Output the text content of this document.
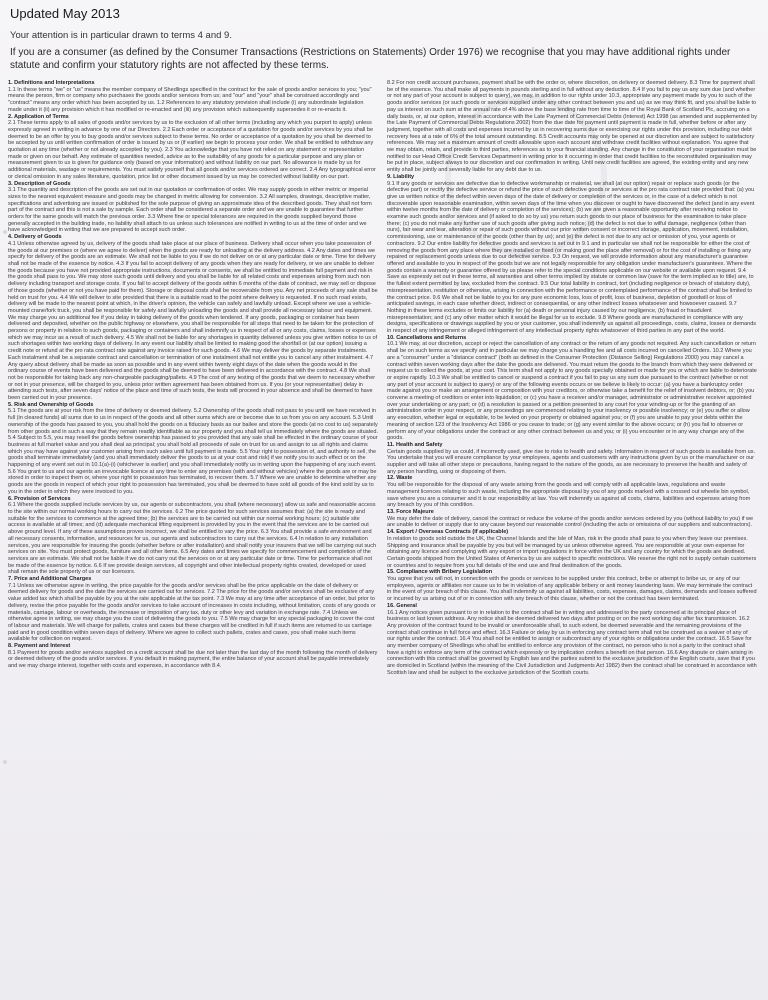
Updated May 2013
Your attention is in particular drawn to terms 4 and 9.
If you are a consumer (as defined by the Consumer Transactions (Restrictions on Statements) Order 1976) we recognise that you may have additional rights under statute and confirm your statutory rights are not affected by these terms.
1. Definitions and Interpretations
1.1 In these terms "we" or "us" means the member company of Shedlings specified in the contract for the sale of goods and/or services to you; "you" means the person, firm or company who purchases the goods and/or services from us; and "our" and "your" shall be construed accordingly and "contract" means any order which has been accepted by us. 1.2 References to any statutory provision shall include (i) any subordinate legislation made under it (ii) any provision which it has modified or re-enacted and (iii) any provision which subsequently supersedes it or re-enacts it.
2. Application of Terms
2.1 These terms apply to all sales of goods and/or services by us to the exclusion of all other terms (including any which you purport to apply) unless expressly agreed in writing in advance by one of our Directors. 2.2 Each order or acceptance of a quotation for goods and/or services by you shall be deemed to be an offer by you to buy goods and/or services subject to these terms. No order or acceptance of a quotation by you shall be deemed to be accepted by us until written confirmation of order is issued by us or (if earlier) we begin to process your order. We shall be entitled to withdraw any quotation at any time (whether or not already accepted by you). 2.3 You acknowledge that you have not relied on any statement or representation made or given on our behalf. Any estimate of quantities needed, advice as to the suitability of any goods for a particular purpose and any plan or measurement given to us is given for guidance only (based on your information) and without liability on our part. No allowance is made by us for additional materials, wastage or requirements. You must satisfy yourself that all goods and/or services ordered are correct. 2.4 Any typographical error or clerical omission in any sales literature, quotation, price list or other document issued by us may be corrected without liability on our part.
3. Description of Goods
3.1 The quantity and description of the goods are set out in our quotation or confirmation of order. We may supply goods in either metric or imperial sizes to the nearest equivalent measure and goods may be changed in metric allowing for conversion. 3.2 All samples, drawings, descriptive matter, specifications and advertising are issued or published for the sole purpose of giving an approximate idea of the described goods. They shall not form part of the contract and this is not a sale by sample. Each order shall be considered a separate order and we are unable to guarantee that further orders for the same goods will match the previous order. 3.3 Where fine or special tolerances are required in the goods supplied beyond those generally accepted in the building trade, no liability shall attach to us unless such tolerances are notified in writing to us at the time of order and we have acknowledged in writing that we are prepared to accept such order.
4. Delivery of Goods
4.1 Unless otherwise agreed by us, delivery of the goods shall take place at our place of business. Delivery shall occur when you take possession of the goods at our premises or (where we agree to deliver) when the goods are ready for unloading at the delivery address. 4.2 Any dates and times we specify for delivery of the goods are an estimate. We shall not be liable to you if we do not deliver on or at any particular date or time. Time for delivery shall not be made of the essence by notice. 4.3 If you fail to accept delivery of any goods when they are ready for delivery, or we are unable to deliver the goods because you have not provided appropriate instructions, documents or consents, we shall be entitled to immediate full payment and risk in the goods shall pass to you. We may store such goods until delivery and you shall be liable for all related costs and expenses arising from such non delivery including transport and storage costs. If you fail to accept delivery of the goods within 6 months of the date of contract, we may sell or dispose of those goods (whether or not you have paid for them). Storage or disposal costs shall be recoverable from you. Any net proceeds of any sale shall be held on trust for you. 4.4 We will deliver to site provided that there is a suitable road to the point where delivery is requested. If no such road exists, delivery will be made to the nearest point at which, in the driver's opinion, the vehicle can safely and lawfully unload. Except where we use a vehicle-mounted crane/fork truck, you shall be responsible for safely and lawfully unloading the goods and shall provide all necessary labour and equipment. We may charge you an additional fee if you delay in taking delivery of the goods when tendered. If any goods, packaging or container has been delivered and deposited, whether on the public highway or elsewhere, you shall be responsible for all steps that need to be taken for the protection of persons or property in relation to such goods, packaging or containers and shall indemnify us in respect of all or any costs, claims, losses or expenses which we may incur as a result of such delivery. 4.5 We shall not be liable for any shortages in quantity delivered unless you give written notice to us of such shortages within two working days of delivery. In any event our liability shall be limited to making good the shortfall or (at our option) issuing a credit note or refund at the pro rata contract rate against any invoice raised for such goods. 4.6 We may deliver the goods by separate instalments. Each instalment shall be a separate contract and cancellation or termination of one instalment shall not entitle you to cancel any other instalment. 4.7 Any query about delivery shall be made as soon as possible and in any event within twenty eight days of the date when the goods would in the ordinary course of events have been delivered and the goods shall be deemed to have been delivered in accordance with the contract. 4.8 We shall not be responsible for taking back any non-chargeable packaging/pallets. 4.9 The cost of any testing of the goods that we deem to necessary whether or not in your presence, will be charged to you, unless prior written agreement has been obtained from us. If you (or your representative) delay in attending such tests, after seven days' notice of the place and time of such tests, the tests will proceed in your absence and shall be deemed to have been carried out in your presence.
5. Risk and Ownership of Goods
5.1 The goods are at your risk from the time of delivery or deemed delivery. 5.2 Ownership of the goods shall not pass to you until we have received in full (in cleared funds) all sums due to us in respect of the goods and all other sums which are or become due to us from you on any account. 5.3 Until ownership of the goods has passed to you, you shall hold the goods on a fiduciary basis as our bailee and store the goods (at no cost to us) separately from other goods and in such a way that they remain readily identifiable as our property and you shall tell us immediately where the goods are situated. 5.4 Subject to 5.5, you may resell the goods before ownership has passed to you provided that any sale shall be effected in the ordinary course of your business at full market value and you shall deal as principal; you shall hold all proceeds of sale on trust for us and assign to us all rights and claims which you may have against your customer arising from such sales until full payment is made. 5.5 Your right to possession of, and authority to sell, the goods shall terminate immediately (and you shall immediately deliver the goods to us at your cost and risk) if we notify you to such effect or on the happening of any event set out in 10.1(a)-(i) (whichever is earlier) and you shall immediately notify us in writing upon the happening of any such event. 5.6 You grant to us and our agents an irrevocable licence at any time to enter any premises (with and without vehicles) where the goods are or may be stored in order to inspect them or, where your right to possession has terminated, to recover them. 5.7 Where we are unable to determine whether any goods are the goods in respect of which your right to possession has terminated, you shall be deemed to have sold all goods of the kind sold by us to you in the order in which they were invoiced to you.
6. Provision of Services
6.1 Where the goods supplied include services by us, our agents or subcontractors, you shall (where necessary) allow us safe and reasonable access to the site within our normal working hours to carry out the services. 6.2 The price quoted for such services assumes that: (a) the site is ready and suitable for the services to commence at the agreed time; (b) the services are to be carried out within our normal working hours; (c) suitable site access is available at all times; and (d) adequate mechanical lifting equipment is provided by you in the event that the services are to be carried out above ground level. If any of these assumptions proves incorrect, we shall be entitled to vary the price. 6.3 You shall provide a safe environment and all necessary consents, information, and resources for us, our agents and subcontractors to carry out the services. 6.4 In relation to any installation services, you are responsible for insuring the goods (whether before or after installation) and shall notify your insurers that we will be carrying out such services on site. You must protect goods, furniture and all other items. 6.5 Any dates and times we specify for commencement and completion of the services are an estimate. We shall not be liable if we do not carry out the services on or at any particular date or time. Time for performance shall not be made of the essence by notice. 6.6 If we provide design services, all copyright and other intellectual property rights created, developed or used shall remain the sole property of us or our licensors.
7. Price and Additional Charges
7.1 Unless we otherwise agree in writing, the price payable for the goods and/or services shall be the price applicable on the date of delivery or deemed delivery for goods and the date the services are carried out for services. 7.2 The price for the goods and/or services shall be exclusive of any value added tax which shall be payable by you at the rate applicable at the tax point. 7.3 We may at any time after acceptance of an order, but prior to delivery, revise the price payable for the goods and/or services to take account of increases in costs including, without limitation, costs of any goods or materials, carriage, labour or overheads, the increase or imposition of any tax, duty or other levy and variation in exchange rate. 7.4 Unless we otherwise agree in writing, we may charge you the cost of delivering the goods to you. 7.5 We may charge for any special packaging to cover the cost of labour and materials. We will charge for pallets, crates and cases but these charges will be credited in full if such items are returned to us carriage paid and in good condition within seven days of delivery. Where we agree to collect such pallets, crates and cases, you shall make such items available for collection on request.
8. Payment and Interest
8.1 Payment for goods and/or services supplied on a credit account shall be due not later than the last day of the month following the month of delivery or deemed delivery of the goods and/or services. If you default in making payment, the entire balance of your account shall be payable immediately and we may charge interest, together with costs and expenses, in accordance with 8.4.
8.2 For non credit account purchases, payment shall be with the order or, where discretion, on delivery or deemed delivery. 8.3 Time for payment shall be of the essence. You shall make all payments in pounds sterling and in full without any deduction. 8.4 If you fail to pay us any sum due (and whether or not any part of your account is subject to query), we may, in addition to our rights under 10.3, appropriate any payment made by you to such of the goods and/or services (or such goods or services supplied under any other contract between you and us) as we may think fit, and you shall be liable to pay us interest on such sum at the annual rate of 4% above the base lending rate from time to time of the Royal Bank of Scotland Plc, accruing on a daily basis, or, at our option, interest in accordance with the Late Payment of Commercial Debts (Interest) Act 1998 (as amended and supplemented by the Late Payment of Commercial Debts Regulations 2002) from the due date for payment until payment is made in full, whether before or after any judgment, together with all costs and expenses incurred by us in recovering sums due or exercising our rights under this provision, including our debt recovery fees at a rate of 6% of the total amount outstanding. 8.5 Credit accounts may only be opened at our discretion and are subject to satisfactory references. We may set a maximum amount of credit allowable upon each account and withdraw credit facilities without explanation. You agree that we may obtain, retain, and provide to third parties, references as to your financial standing. Any change in the constitution of your organisation must be notified to our Head Office Credit Services Department in writing prior to it occurring in order that credit facilities to the reconstituted organisation may be put in place, subject always to our discretion and our confirmation in writing. Until new credit facilities are agreed, the existing entity and any new entity shall be jointly and severally liable for any debt due to us.
9. Liability
9.1 If any goods or services are defective due to defective workmanship or material, we shall (at our option) repair or replace such goods (or the defective part) or rectify the defective service or refund the price of such defective goods or services at the pro rata contract rate provided that: (a) you give us written notice of the defect within seven days of the date of delivery or completion of the services or, in the case of a defect which is not discoverable upon reasonable examination, within seven days of the time when you discover or ought to have discovered the defect (and in any event within twelve months from the date of delivery or completion of the services); (b) we are given a reasonable opportunity after receiving notice to examine such goods and/or services and (if asked to do so by us) you return such goods to our place of business for the examination to take place there; (c) you do not make any further use of such goods after giving such notice; (d) the defect is not due to wilful damage, negligence (other than ours), fair wear and tear, alteration or repair of such goods without our prior written consent or incorrect storage, application, movement, installation, commissioning, use or maintenance of the goods (other than by us); and (e) the defect is not due to any act or omission of you, your agents or contractors. 9.2 Our entire liability for defective goods and services is set out in 9.1 and in particular we shall not be responsible for either the cost of removing the goods from any place where they are installed or fixed (or making good the place after removal) or for the cost of installing or fixing any repaired or replacement goods unless due to our defective service. 9.3 On request, we will provide information about any manufacturer's guarantee offered and available to you in respect of the goods but we are not legally responsible for any obligation under manufacturer's guarantees. Where the goods contain a warranty or guarantee offered by us please refer to the special conditions applicable on our website or available upon request. 9.4 Save as expressly set out in these terms, all warranties and other terms implied by statute or common law (save for the term implied as to title) are, to the fullest extent permitted by law, excluded from the contract. 9.5 Our total liability in contract, tort (including negligence or breach of statutory duty), misrepresentation, restitution or otherwise, arising in connection with the performance or contemplated performance of the contract shall be limited to the contract price. 9.6 We shall not be liable to you for any pure economic loss, loss of profit, loss of business, depletion of goodwill or loss of anticipated savings, in each case whether direct, indirect or consequential, or any other indirect losses whatsoever and howsoever caused. 9.7 Nothing in these terms excludes or limits our liability for (a) death or personal injury caused by our negligence, (b) fraud or fraudulent misrepresentation; and (c) any other matter which it would be illegal for us to exclude. 9.8 Where goods are manufactured in compliance with any designs, specifications or drawings supplied by you or your customer, you shall indemnify us against all proceedings, costs, claims, losses or demands in respect of any infringement or alleged infringement of any intellectual property rights whatsoever of third parties in any part of the world.
10. Cancellations and Returns
10.1 We may, at our discretion, accept or reject the cancellation of any contract or the return of any goods not required. Any such cancellation or return shall be on such terms as we specify and in particular we may charge you a handling fee and all costs incurred on cancelled Orders. 10.2 Where you are a "consumer" under a "distance contract" (both as defined in the Consumer Protection (Distance Selling) Regulations 2000) you may cancel a contract within seven working days after the date the goods are delivered. You must return the goods to the branch from which they were delivered or request us to collect the goods, at your cost. This term shall not apply to any goods specially obtained or made for you or which are liable to deteriorate or expire rapidly. 10.3 We shall be entitled to cancel or suspend a contract if you fail to pay us any sum due pursuant to the contract (whether or not any part of your account is subject to query) or any of the following events occurs or we believe is likely to occur: (a) you have a bankruptcy order made against you or make an arrangement or composition with your creditors, or otherwise take a benefit for the relief of insolvent debtors, or; (b) you convene a meeting of creditors or enter into liquidation; or (c) you have a receiver and/or manager, administrator or administrative receiver appointed over your undertaking or any part; or (d) a resolution is passed or a petition presented to any court for your winding-up or for the granting of an administration order in your respect, or any proceedings are commenced relating to your insolvency or possible insolvency; or (e) you suffer or allow any execution, whether legal or equitable, to be levied on your property or obtained against you; or (f) you are unable to pay your debts within the meaning of section 123 of the Insolvency Act 1986 or you cease to trade; or (g) any event similar to the above occurs; or (h) you fail to observe or perform any of your obligations under the contract or any other contract between us and you; or (i) you encounter or in any way change any of the goods.
11. Health and Safety
Certain goods supplied by us could, if incorrectly used, give rise to risks to health and safety. Information in respect of such goods is available from us. You undertake that you will ensure compliance by your employees, agents and customers with any instructions given by us or the manufacturer or our supplier and will take all other steps or precautions, having regard to the nature of the goods, as are necessary to preserve the health and safety of any person handling, using or disposing of them.
12. Waste
You will be responsible for the disposal of any waste arising from the goods and will comply with all applicable laws, regulations and waste management licences relating to such waste, including the appropriate disposal by you of any goods marked with a crossed out wheelie bin symbol, save where you are a consumer and it is our responsibility at law. You will indemnify us against all costs, claims, liabilities and expenses arising from any breach by you of this condition.
13. Force Majeure
We may defer the date of delivery, cancel the contract or reduce the volume of the goods and/or services ordered by you (without liability to you) if we are unable to deliver or supply due to any cause beyond our reasonable control (including the acts or omissions of our suppliers and subcontractors).
14. Export / Overseas Contracts (if applicable)
In relation to goods sold outside the UK, the Channel Islands and the Isle of Man, risk in the goods shall pass to you when they leave our premises. Shipping and insurance shall be payable by you but will be managed by us unless otherwise agreed. You are responsible at your own expense for obtaining any licence and complying with any export or import regulations in force within the UK and any country for which the goods are destined. Certain goods shipped from the United States of America by us are subject to specific restrictions. We reserve the right not to supply certain customers or countries and to require from you full details of the end use and final destination of the goods.
15. Compliance with Bribery Legislation
You agree that you will not, in connection with the goods or services to be supplied under this contract, bribe or attempt to bribe us, or any of our employees, agents or affiliates nor cause us to be in violation of any applicable bribery or anti money laundering laws. We may terminate the contract in the event of your breach of this clause. You shall indemnify us against all liabilities, costs, expenses, damages, claims, demands and losses suffered or incurred by us arising out of or in connection with any breach of this clause, whether or not the contract has been terminated.
16. General
16.1 Any notices given pursuant to or in relation to the contract shall be in writing and addressed to the party concerned at its principal place of business or last known address. Any notice shall be deemed delivered two days after posting or on the next working day after fax transmission. 16.2 Any provision of the contract found to be invalid or unenforceable shall, to such extent, be deemed severable and the remaining provisions of the contract shall continue in full force and effect. 16.3 Failure or delay by us in enforcing any contract term shall not be construed as a waiver of any of our rights under the contract. 16.4 You shall not be entitled to assign or subcontract any of your rights or obligations under the contract. 16.5 Save for any member company of Shedlings who shall be entitled to enforce any provision of the contract, no person who is not a party to the contract shall have a right to enforce any term of the contract which expressly or by implication confers a benefit on that person. 16.6 Any dispute or claim arising in connection with this contract shall be governed by English law and the parties submit to the exclusive jurisdiction of the English courts, save that if you are domiciled in Scotland (within the meaning of the Civil Jurisdiction and Judgments Act 1982) then the contract shall be construed in accordance with Scottish law and shall be subject to the exclusive jurisdiction of the Scottish courts.
